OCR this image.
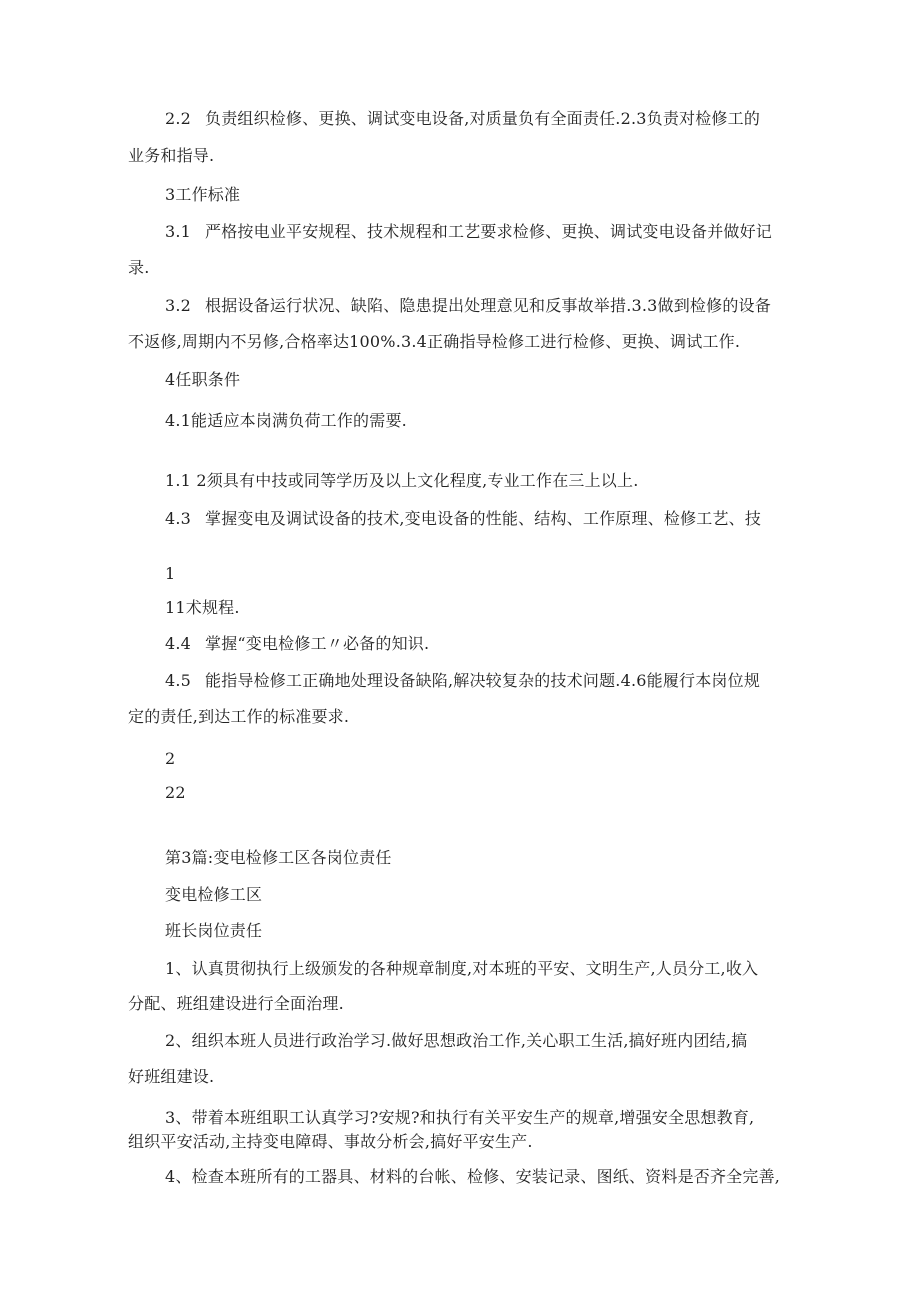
2.2 负责组织检修、更换、调试变电设备,对质量负有全面责任.2.3负责对检修工的
业务和指导.
3工作标准
3.1 严格按电业平安规程、技术规程和工艺要求检修、更换、调试变电设备并做好记
录.
3.2 根据设备运行状况、缺陷、隐患提出处理意见和反事故举措.3.3做到检修的设备
不返修,周期内不另修,合格率达100%.3.4正确指导检修工进行检修、更换、调试工作.
4任职条件
4.1能适应本岗满负荷工作的需要.
1.1 2须具有中技或同等学历及以上文化程度,专业工作在三上以上.
4.3 掌握变电及调试设备的技术,变电设备的性能、结构、工作原理、检修工艺、技
1
11术规程.
4.4 掌握“变电检修工〃必备的知识.
4.5 能指导检修工正确地处理设备缺陷,解决较复杂的技术问题.4.6能履行本岗位规
定的责任,到达工作的标准要求.
2
22
第3篇:变电检修工区各岗位责任
变电检修工区
班长岗位责任
1、认真贯彻执行上级颁发的各种规章制度,对本班的平安、文明生产,人员分工,收入
分配、班组建设进行全面治理.
2、组织本班人员进行政治学习.做好思想政治工作,关心职工生活,搞好班内团结,搞
好班组建设.
3、带着本班组职工认真学习?安规?和执行有关平安生产的规章,增强安全思想教育,
组织平安活动,主持变电障碍、事故分析会,搞好平安生产.
4、检查本班所有的工器具、材料的台帐、检修、安装记录、图纸、资料是否齐全完善,
